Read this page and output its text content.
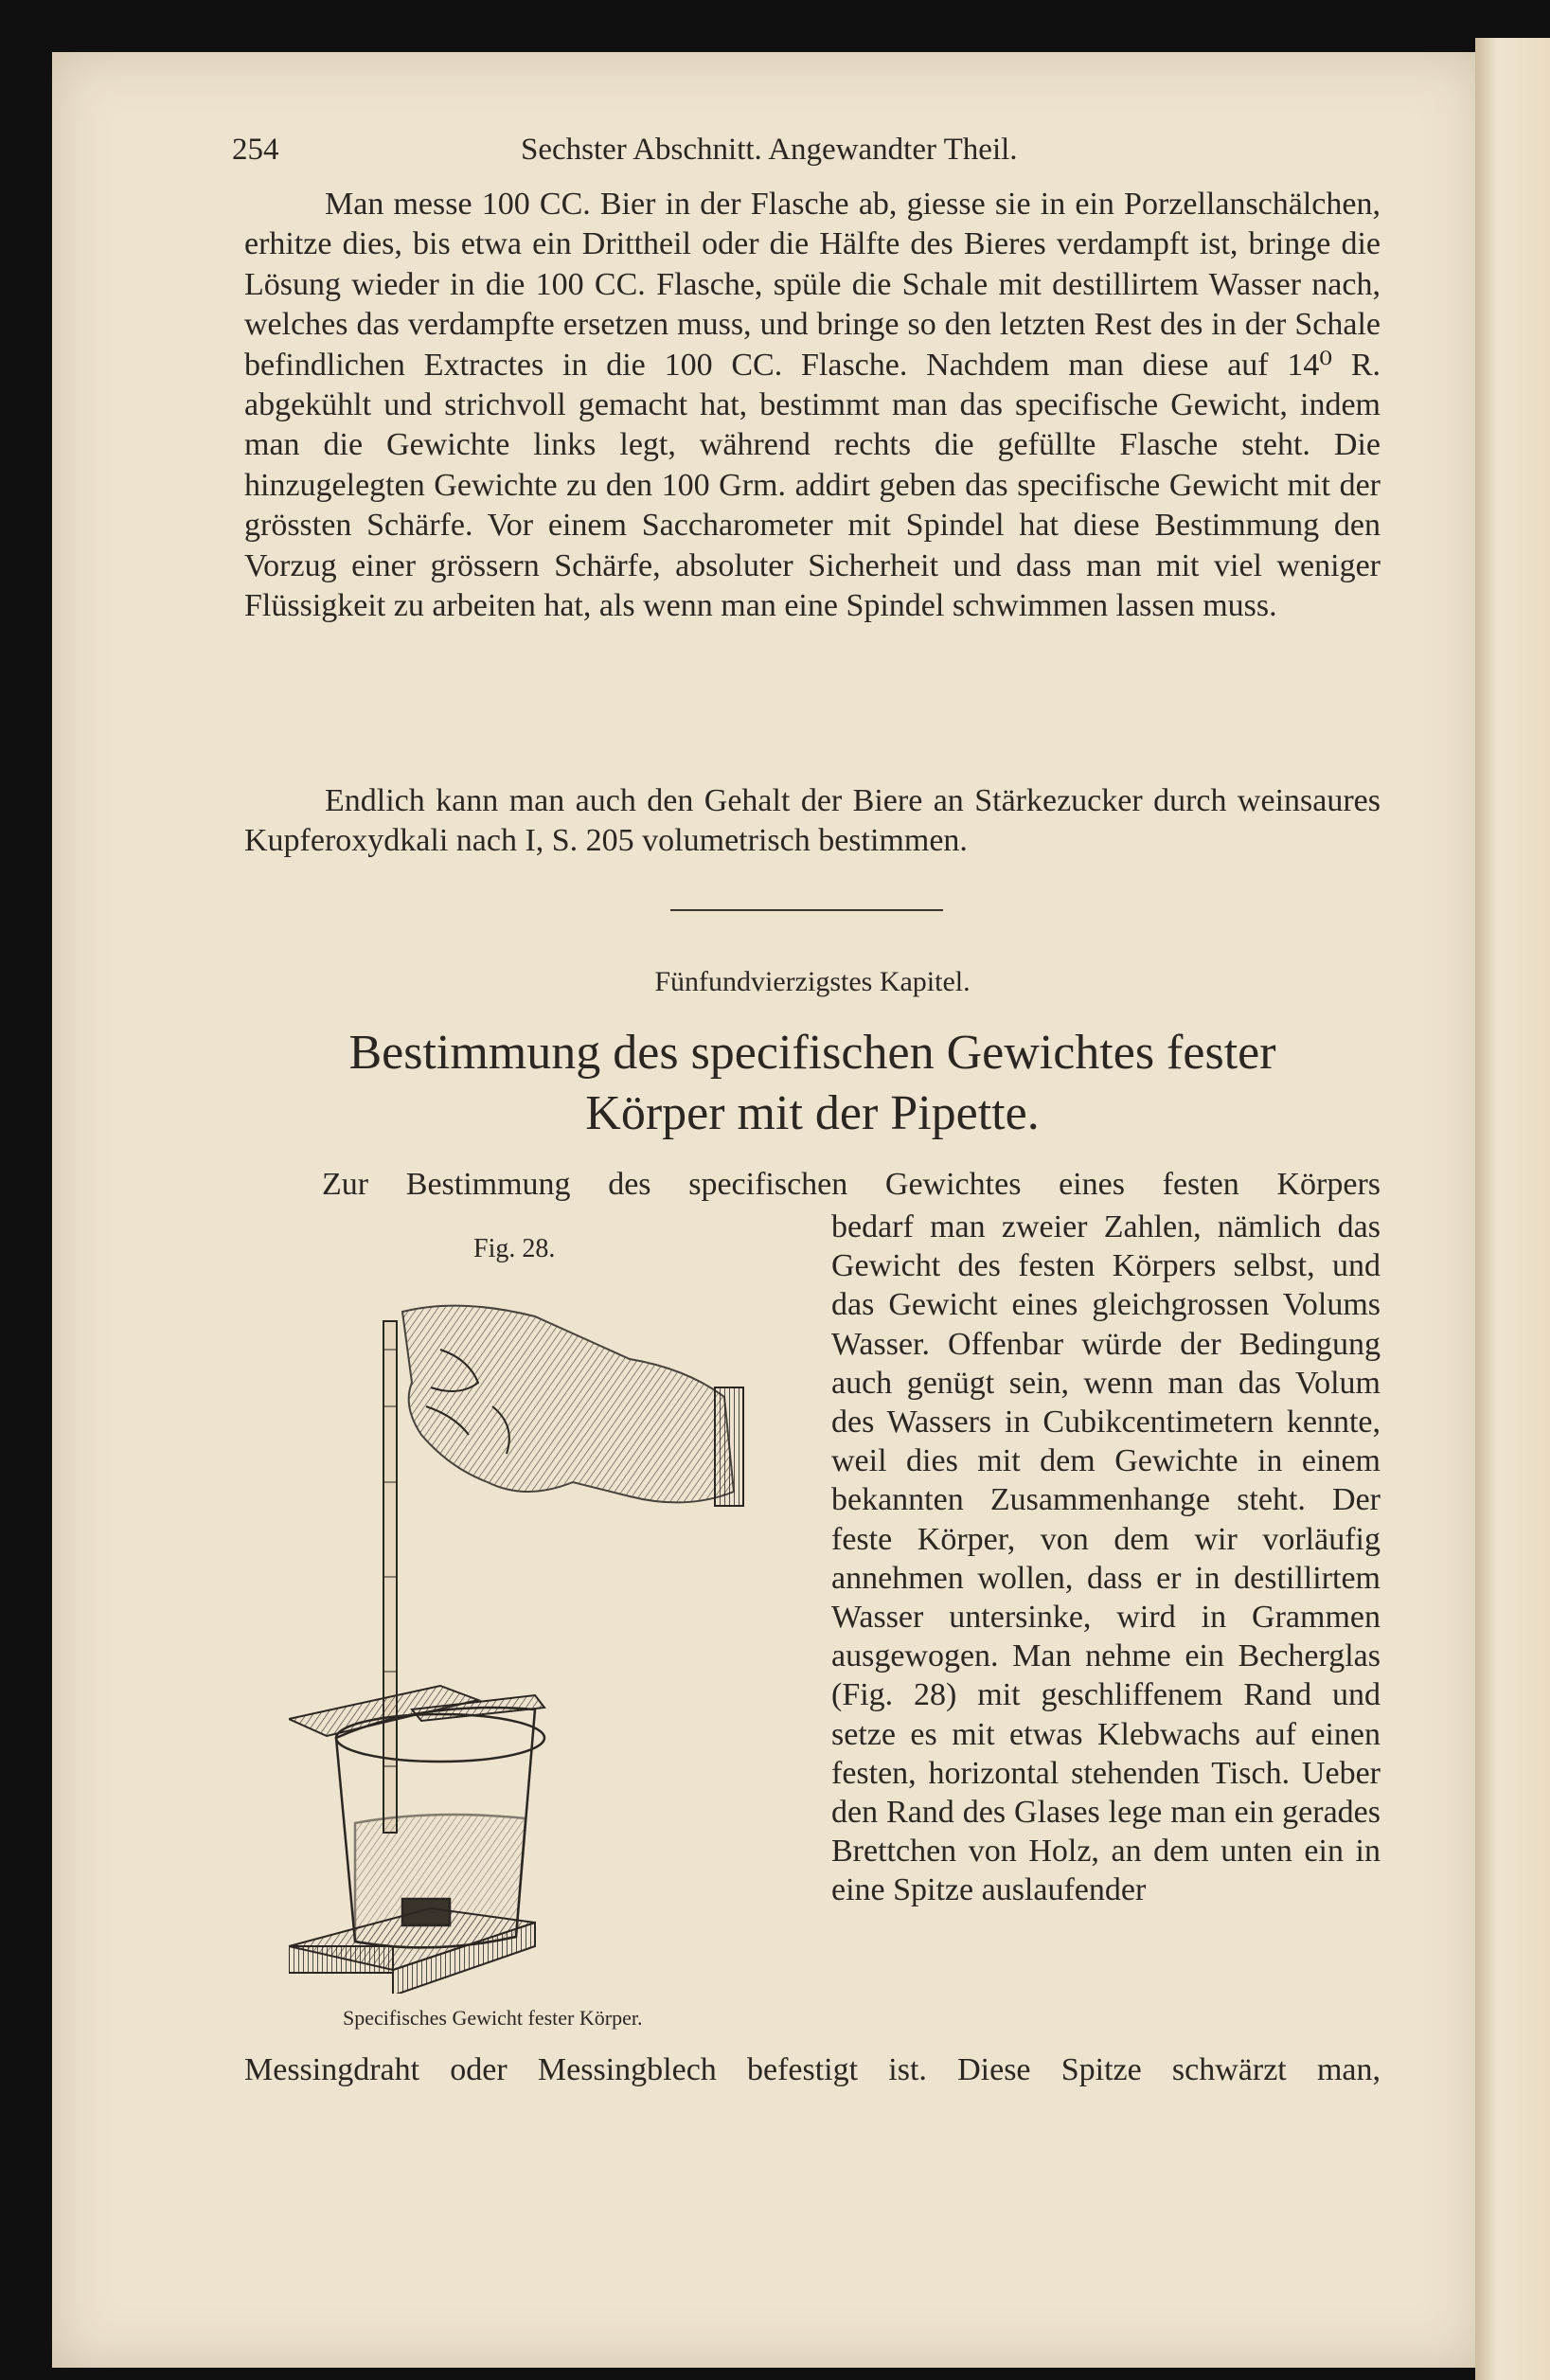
254	Sechster Abschnitt. Angewandter Theil.
Man messe 100 CC. Bier in der Flasche ab, giesse sie in ein Porzellanschälchen, erhitze dies, bis etwa ein Drittheil oder die Hälfte des Bieres verdampft ist, bringe die Lösung wieder in die 100 CC. Flasche, spüle die Schale mit destillirtem Wasser nach, welches das verdampfte ersetzen muss, und bringe so den letzten Rest des in der Schale befindlichen Extractes in die 100 CC. Flasche. Nachdem man diese auf 14⁰ R. abgekühlt und strichvoll gemacht hat, bestimmt man das specifische Gewicht, indem man die Gewichte links legt, während rechts die gefüllte Flasche steht. Die hinzugelegten Gewichte zu den 100 Grm. addirt geben das specifische Gewicht mit der grössten Schärfe. Vor einem Saccharometer mit Spindel hat diese Bestimmung den Vorzug einer grössern Schärfe, absoluter Sicherheit und dass man mit viel weniger Flüssigkeit zu arbeiten hat, als wenn man eine Spindel schwimmen lassen muss.
Endlich kann man auch den Gehalt der Biere an Stärkezucker durch weinsaures Kupferoxydkali nach I, S. 205 volumetrisch bestimmen.
Fünfundvierzigstes Kapitel.
Bestimmung des specifischen Gewichtes fester
Körper mit der Pipette.
Zur Bestimmung des specifischen Gewichtes eines festen Körpers
Fig. 28.
bedarf man zweier Zahlen, nämlich das Gewicht des festen Körpers selbst, und das Gewicht eines gleichgrossen Volums Wasser. Offenbar würde der Bedingung auch genügt sein, wenn man das Volum des Wassers in Cubikcentimetern kennte, weil dies mit dem Gewichte in einem bekannten Zusammenhange steht. Der feste Körper, von dem wir vorläufig annehmen wollen, dass er in destillirtem Wasser untersinke, wird in Grammen ausgewogen. Man nehme ein Becherglas (Fig. 28) mit geschliffenem Rand und setze es mit etwas Klebwachs auf einen festen, horizontal stehenden Tisch. Ueber den Rand des Glases lege man ein gerades Brettchen von Holz, an dem unten ein in eine Spitze auslaufender
Specifisches Gewicht fester Körper.
Messingdraht oder Messingblech befestigt ist. Diese Spitze schwärzt man,
